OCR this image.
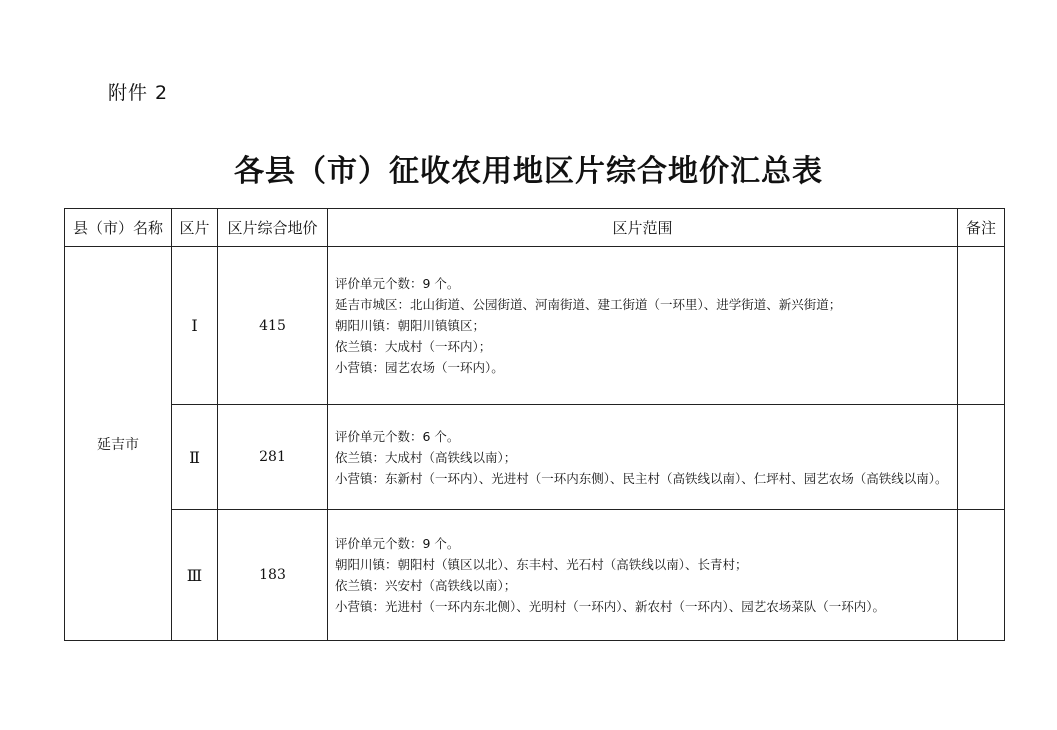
附件 2
各县（市）征收农用地区片综合地价汇总表
县（市）名称	区片	区片综合地价	区片范围	备注
延吉市	Ⅰ	415	评价单元个数：9 个。
延吉市城区：北山街道、公园街道、河南街道、建工街道（一环里）、进学街道、新兴街道；
朝阳川镇：朝阳川镇镇区；
依兰镇：大成村（一环内）；
小营镇：园艺农场（一环内）。	

	Ⅱ	281	评价单元个数：6 个。
依兰镇：大成村（高铁线以南）；
小营镇：东新村（一环内）、光进村（一环内东侧）、民主村（高铁线以南）、仁坪村、园艺农场（高铁线以南）。	

	Ⅲ	183	评价单元个数：9 个。
朝阳川镇：朝阳村（镇区以北）、东丰村、光石村（高铁线以南）、长青村；
依兰镇：兴安村（高铁线以南）；
小营镇：光进村（一环内东北侧）、光明村（一环内）、新农村（一环内）、园艺农场菜队（一环内）。	
